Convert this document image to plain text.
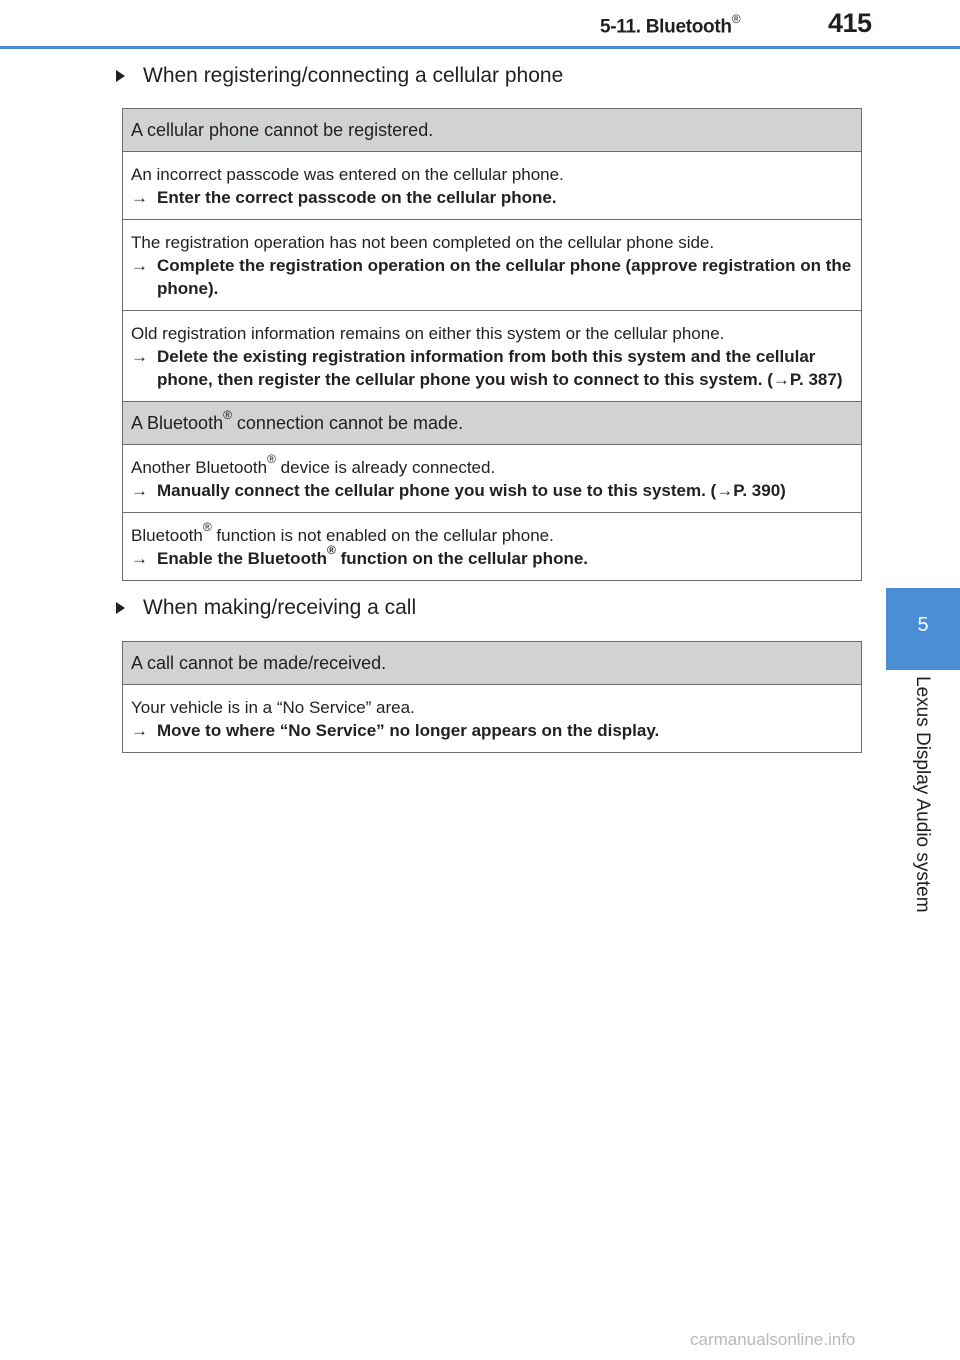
5-11. Bluetooth®	415
5
Lexus Display Audio system
When registering/connecting a cellular phone
A cellular phone cannot be registered.

An incorrect passcode was entered on the cellular phone.
→ Enter the correct passcode on the cellular phone.

The registration operation has not been completed on the cellular phone side.
→ Complete the registration operation on the cellular phone (approve registration on the phone).

Old registration information remains on either this system or the cellular phone.
→ Delete the existing registration information from both this system and the cellular phone, then register the cellular phone you wish to connect to this system. (→P. 387)

A Bluetooth® connection cannot be made.

Another Bluetooth® device is already connected.
→ Manually connect the cellular phone you wish to use to this system. (→P. 390)

Bluetooth® function is not enabled on the cellular phone.
→ Enable the Bluetooth® function on the cellular phone.
When making/receiving a call
A call cannot be made/received.

Your vehicle is in a “No Service” area.
→ Move to where “No Service” no longer appears on the display.
carmanualsonline.info
